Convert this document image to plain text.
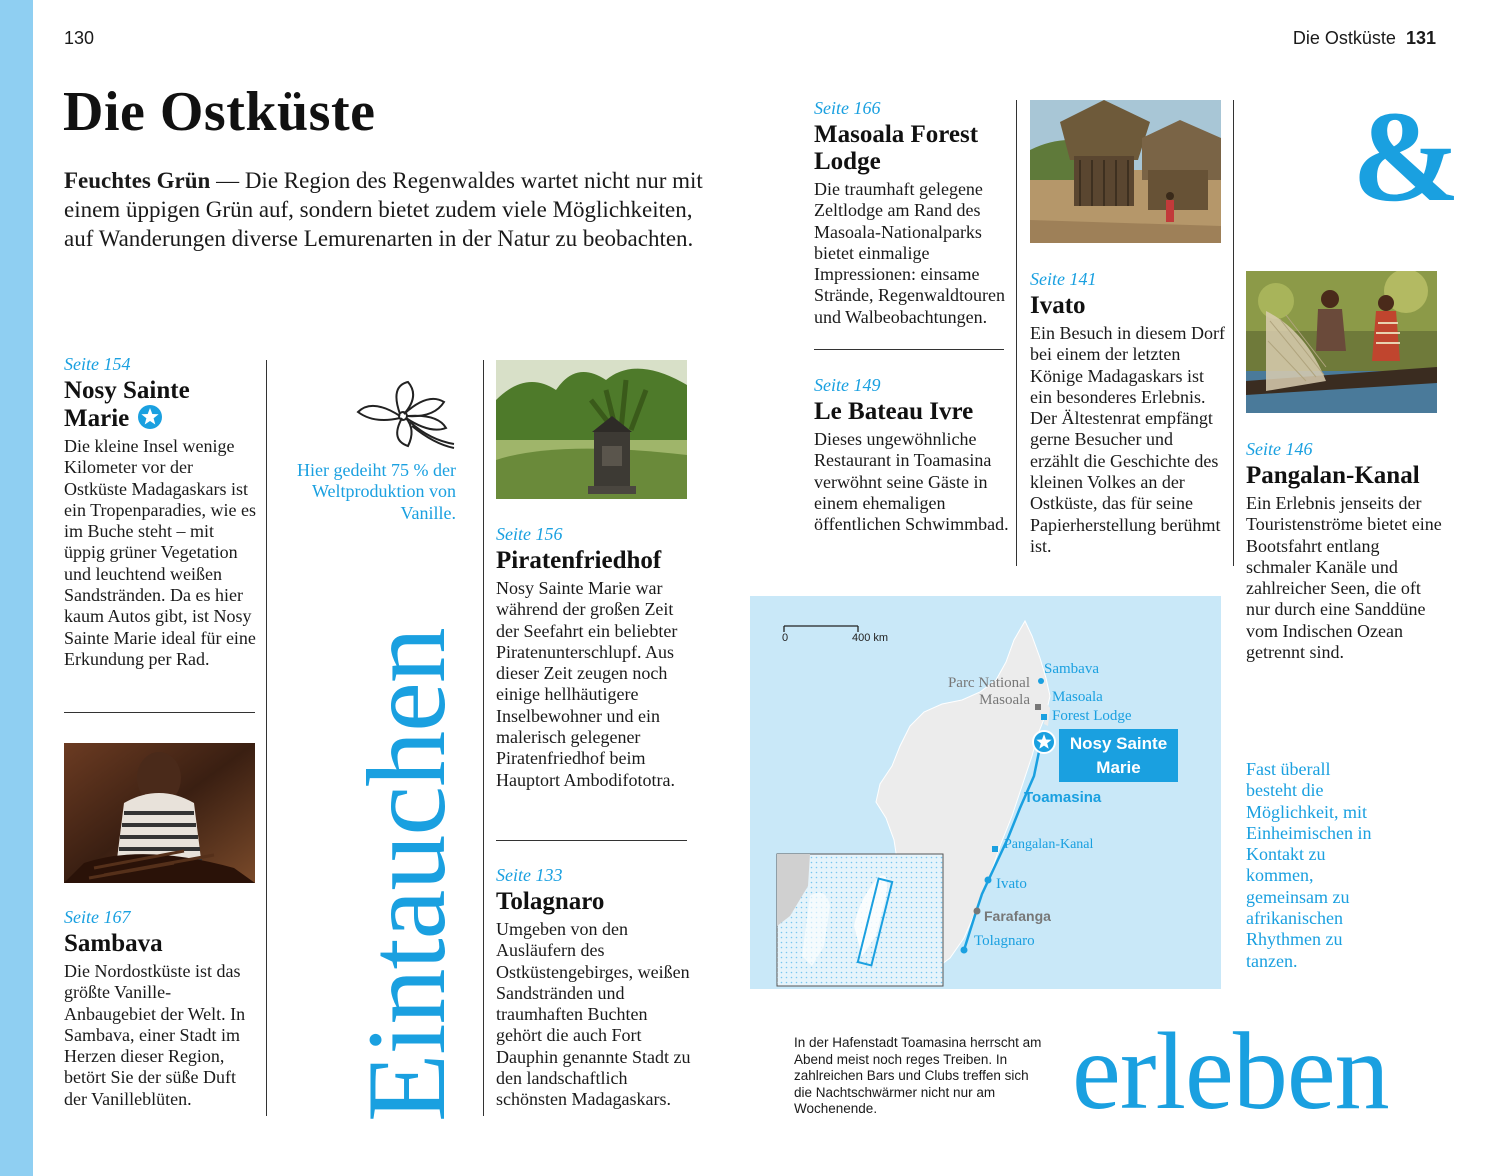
130	Die Ostküste 131
Die Ostküste
Feuchtes Grün — Die Region des Regenwaldes wartet nicht nur mit einem üppigen Grün auf, sondern bietet zudem viele Möglichkeiten, auf Wanderungen diverse Lemurenarten in der Natur zu beobachten.
Seite 154
Nosy Sainte Marie
Die kleine Insel wenige Kilometer vor der Ostküste Madagaskars ist ein Tropenparadies, wie es im Buche steht – mit üppig grüner Vegetation und leuchtend weißen Sandstränden. Da es hier kaum Autos gibt, ist Nosy Sainte Marie ideal für eine Erkundung per Rad.
Seite 167
Sambava
Die Nordostküste ist das größte Vanille-Anbaugebiet der Welt. In Sambava, einer Stadt im Herzen dieser Region, betört Sie der süße Duft der Vanilleblüten.
Hier gedeiht 75 % der Weltproduktion von Vanille.
Eintauchen
Seite 156
Piratenfriedhof
Nosy Sainte Marie war während der großen Zeit der Seefahrt ein beliebter Piratenunterschlupf. Aus dieser Zeit zeugen noch einige hellhäutigere Inselbewohner und ein malerisch gelegener Piratenfriedhof beim Hauptort Ambodifototra.
Seite 133
Tolagnaro
Umgeben von den Ausläufern des Ostküstengebirges, weißen Sandstränden und traumhaften Buchten gehört die auch Fort Dauphin genannte Stadt zu den landschaftlich schönsten Madagaskars.
Seite 166
Masoala Forest Lodge
Die traumhaft gelegene Zeltlodge am Rand des Masoala-Nationalparks bietet einmalige Impressionen: einsame Strände, Regenwaldtouren und Walbeobachtungen.
Seite 149
Le Bateau Ivre
Dieses ungewöhnliche Restaurant in Toamasina verwöhnt seine Gäste in einem ehemaligen öffentlichen Schwimmbad.
Seite 141
Ivato
Ein Besuch in diesem Dorf bei einem der letzten Könige Madagaskars ist ein besonderes Erlebnis. Der Ältestenrat empfängt gerne Besucher und erzählt die Geschichte des kleinen Volkes an der Ostküste, das für seine Papierherstellung berühmt ist.
&
Seite 146
Pangalan-Kanal
Ein Erlebnis jenseits der Touristenströme bietet eine Bootsfahrt entlang schmaler Kanäle und zahlreicher Seen, die oft nur durch eine Sanddüne vom Indischen Ozean getrennt sind.
Fast überall besteht die Möglichkeit, mit Einheimischen in Kontakt zu kommen, gemeinsam zu afrikanischen Rhythmen zu tanzen.
0	400 km
Sambava
Parc National
Masoala Masoala
Forest Lodge
Nosy Sainte
Marie
Toamasina
Pangalan-Kanal
Ivato
Farafanga
Tolagnaro
In der Hafenstadt Toamasina herrscht am Abend meist noch reges Treiben. In zahlreichen Bars und Clubs treffen sich die Nachtschwärmer nicht nur am Wochenende.	erleben
